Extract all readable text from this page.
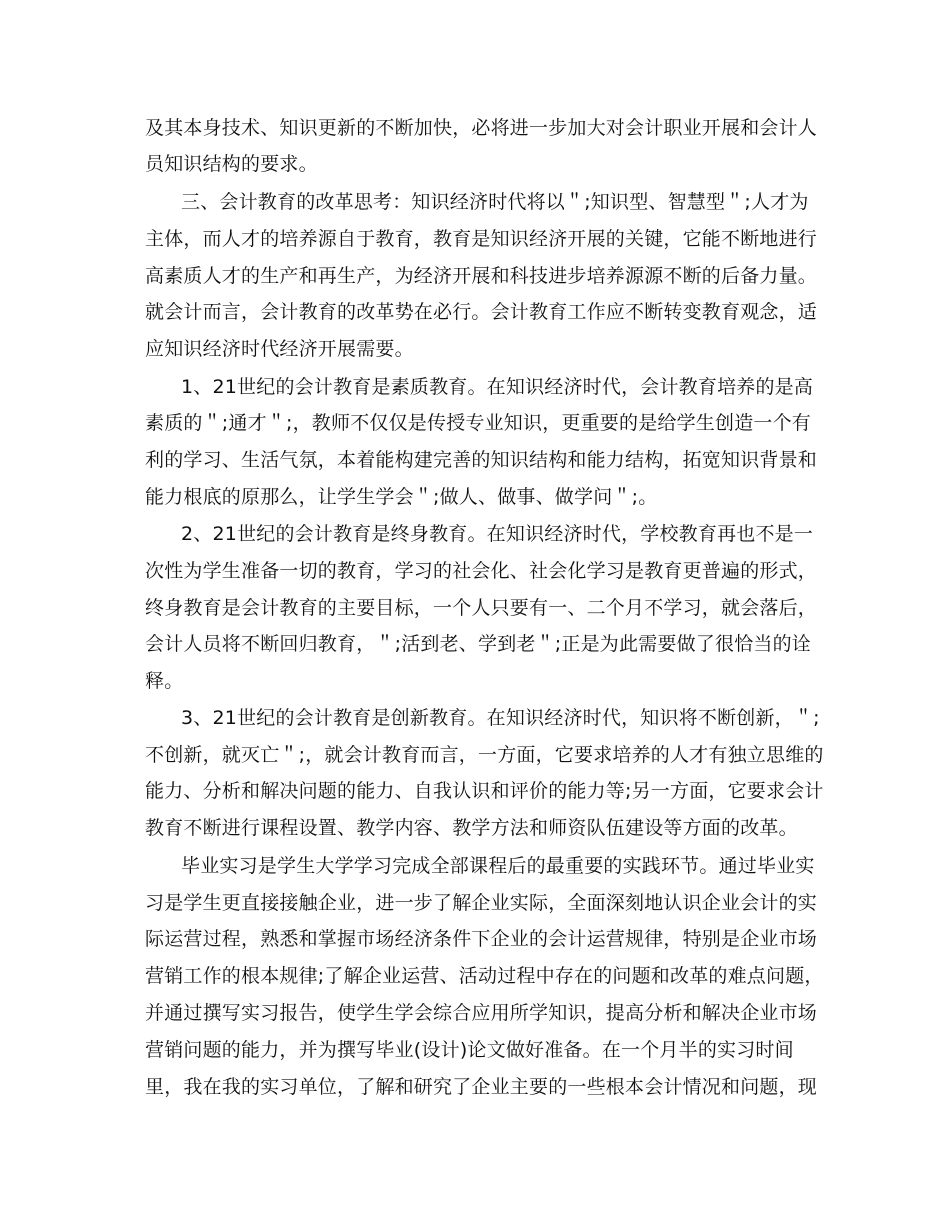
及其本身技术、知识更新的不断加快，必将进一步加大对会计职业开展和会计人

员知识结构的要求。

三、会计教育的改革思考：知识经济时代将以＂;知识型、智慧型＂;人才为

主体，而人才的培养源自于教育，教育是知识经济开展的关键，它能不断地进行

高素质人才的生产和再生产，为经济开展和科技进步培养源源不断的后备力量。

就会计而言，会计教育的改革势在必行。会计教育工作应不断转变教育观念，适

应知识经济时代经济开展需要。

1、21世纪的会计教育是素质教育。在知识经济时代，会计教育培养的是高

素质的＂;通才＂;，教师不仅仅是传授专业知识，更重要的是给学生创造一个有

利的学习、生活气氛，本着能构建完善的知识结构和能力结构，拓宽知识背景和

能力根底的原那么，让学生学会＂;做人、做事、做学问＂;。

2、21世纪的会计教育是终身教育。在知识经济时代，学校教育再也不是一

次性为学生准备一切的教育，学习的社会化、社会化学习是教育更普遍的形式，

终身教育是会计教育的主要目标，一个人只要有一、二个月不学习，就会落后，

会计人员将不断回归教育，＂;活到老、学到老＂;正是为此需要做了很恰当的诠

释。

3、21世纪的会计教育是创新教育。在知识经济时代，知识将不断创新，＂;

不创新，就灭亡＂;，就会计教育而言，一方面，它要求培养的人才有独立思维的

能力、分析和解决问题的能力、自我认识和评价的能力等;另一方面，它要求会计

教育不断进行课程设置、教学内容、教学方法和师资队伍建设等方面的改革。

毕业实习是学生大学学习完成全部课程后的最重要的实践环节。通过毕业实

习是学生更直接接触企业，进一步了解企业实际，全面深刻地认识企业会计的实

际运营过程，熟悉和掌握市场经济条件下企业的会计运营规律，特别是企业市场

营销工作的根本规律;了解企业运营、活动过程中存在的问题和改革的难点问题，

并通过撰写实习报告，使学生学会综合应用所学知识，提高分析和解决企业市场

营销问题的能力，并为撰写毕业(设计)论文做好准备。在一个月半的实习时间

里，我在我的实习单位，了解和研究了企业主要的一些根本会计情况和问题，现
